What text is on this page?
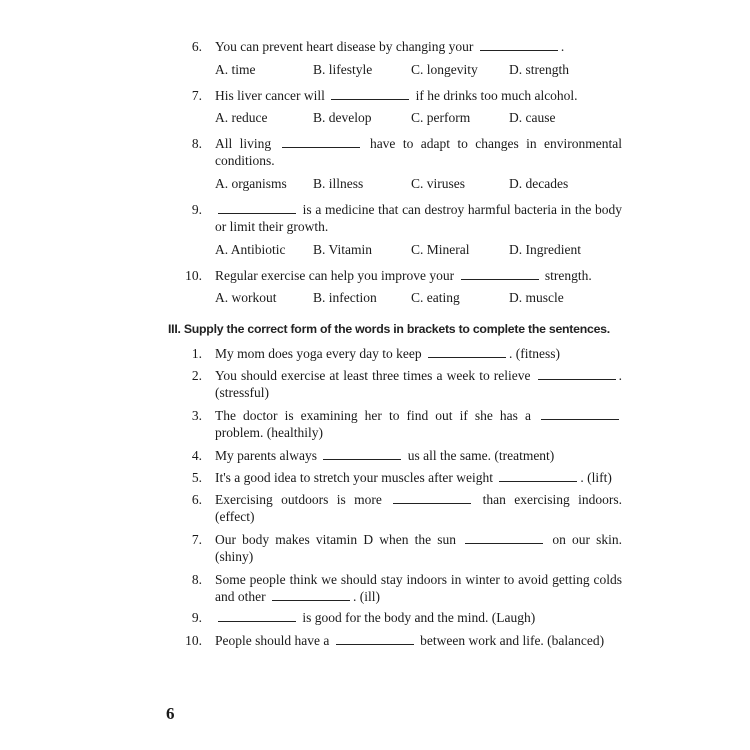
III. Supply the correct form of the words in brackets to complete the sentences.
6
6. You can prevent heart disease by changing your	.
A. time	B. lifestyle	C. longevity D. strength
7. His liver cancer will	if he drinks too much alcohol.
A. reduce	B. develop	C. perform	D. cause
8. All living	have to adapt to changes in environmental conditions.
A. organisms B. illness	C. viruses	D. decades
9.	is a medicine that can destroy harmful bacteria in the body or limit their growth.
A. Antibiotic B. Vitamin	C. Mineral	D. Ingredient
10. Regular exercise can help you improve your	strength.
A. workout	B. infection	C. eating	D. muscle
1. My mom does yoga every day to keep	. (fitness)
2. You should exercise at least three times a week to relieve	. (stressful)
3. The doctor is examining her to find out if she has a  problem. (healthily)
4. My parents always	us all the same. (treatment)
5. It's a good idea to stretch your muscles after weight	. (lift)
6. Exercising outdoors is more	than exercising indoors. (effect)
7. Our body makes vitamin D when the sun	on our skin. (shiny)
8. Some people think we should stay indoors in winter to avoid getting colds and other	. (ill)
9.	is good for the body and the mind. (Laugh)
10. People should have a	between work and life. (balanced)
